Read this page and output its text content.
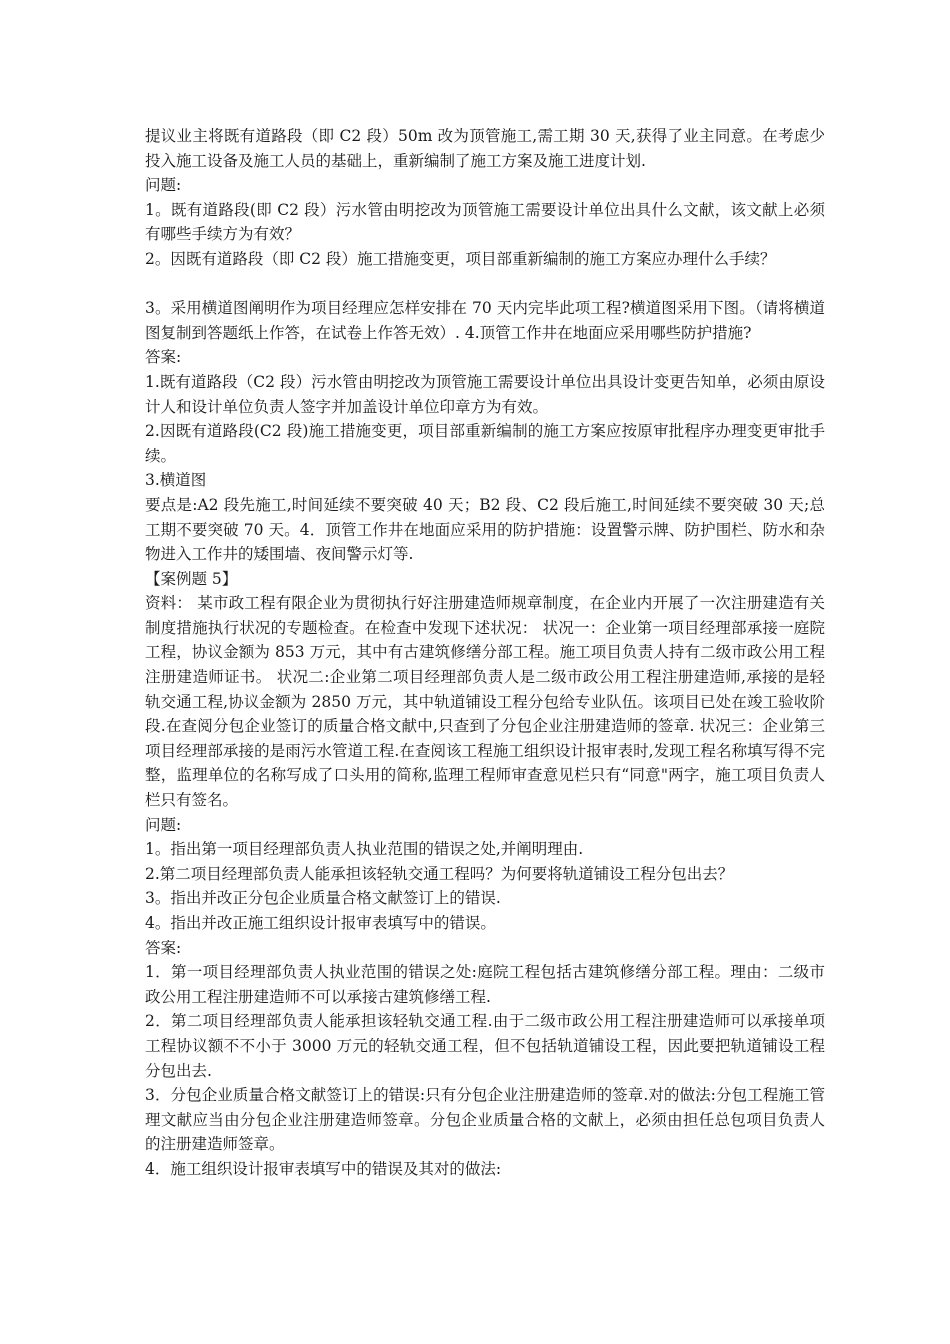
提议业主将既有道路段（即 C2 段）50m 改为顶管施工,需工期 30 天,获得了业主同意。在考虑少投入施工设备及施工人员的基础上，重新编制了施工方案及施工进度计划.

问题:

1。既有道路段(即 C2 段）污水管由明挖改为顶管施工需要设计单位出具什么文献，该文献上必须有哪些手续方为有效？

2。因既有道路段（即 C2 段）施工措施变更，项目部重新编制的施工方案应办理什么手续？

3。采用横道图阐明作为项目经理应怎样安排在 70 天内完毕此项工程?横道图采用下图。（请将横道图复制到答题纸上作答，在试卷上作答无效）. 4.顶管工作井在地面应采用哪些防护措施?

答案:

1.既有道路段（C2 段）污水管由明挖改为顶管施工需要设计单位出具设计变更告知单，必须由原设计人和设计单位负责人签字并加盖设计单位印章方为有效。

2.因既有道路段(C2 段)施工措施变更，项目部重新编制的施工方案应按原审批程序办理变更审批手续。

3.横道图

要点是:A2 段先施工,时间延续不要突破 40 天；B2 段、C2 段后施工,时间延续不要突破 30 天;总工期不要突破 70 天。4．顶管工作井在地面应采用的防护措施：设置警示牌、防护围栏、防水和杂物进入工作井的矮围墙、夜间警示灯等.

【案例题 5】

资料： 某市政工程有限企业为贯彻执行好注册建造师规章制度，在企业内开展了一次注册建造有关制度措施执行状况的专题检查。在检查中发现下述状况： 状况一：企业第一项目经理部承接一庭院工程，协议金额为 853 万元，其中有古建筑修缮分部工程。施工项目负责人持有二级市政公用工程注册建造师证书。 状况二:企业第二项目经理部负责人是二级市政公用工程注册建造师,承接的是轻轨交通工程,协议金额为 2850 万元，其中轨道铺设工程分包给专业队伍。该项目已处在竣工验收阶段.在查阅分包企业签订的质量合格文献中,只查到了分包企业注册建造师的签章. 状况三：企业第三项目经理部承接的是雨污水管道工程.在查阅该工程施工组织设计报审表时,发现工程名称填写得不完整，监理单位的名称写成了口头用的简称,监理工程师审查意见栏只有“同意"两字，施工项目负责人栏只有签名。

问题:

1。指出第一项目经理部负责人执业范围的错误之处,并阐明理由.

2.第二项目经理部负责人能承担该轻轨交通工程吗？为何要将轨道铺设工程分包出去？

3。指出并改正分包企业质量合格文献签订上的错误.

4。指出并改正施工组织设计报审表填写中的错误。

答案:

1．第一项目经理部负责人执业范围的错误之处:庭院工程包括古建筑修缮分部工程。理由：二级市政公用工程注册建造师不可以承接古建筑修缮工程.

2．第二项目经理部负责人能承担该轻轨交通工程.由于二级市政公用工程注册建造师可以承接单项工程协议额不不小于 3000 万元的轻轨交通工程，但不包括轨道铺设工程，因此要把轨道铺设工程分包出去.

3．分包企业质量合格文献签订上的错误:只有分包企业注册建造师的签章.对的做法:分包工程施工管理文献应当由分包企业注册建造师签章。分包企业质量合格的文献上，必须由担任总包项目负责人的注册建造师签章。

4．施工组织设计报审表填写中的错误及其对的做法:
